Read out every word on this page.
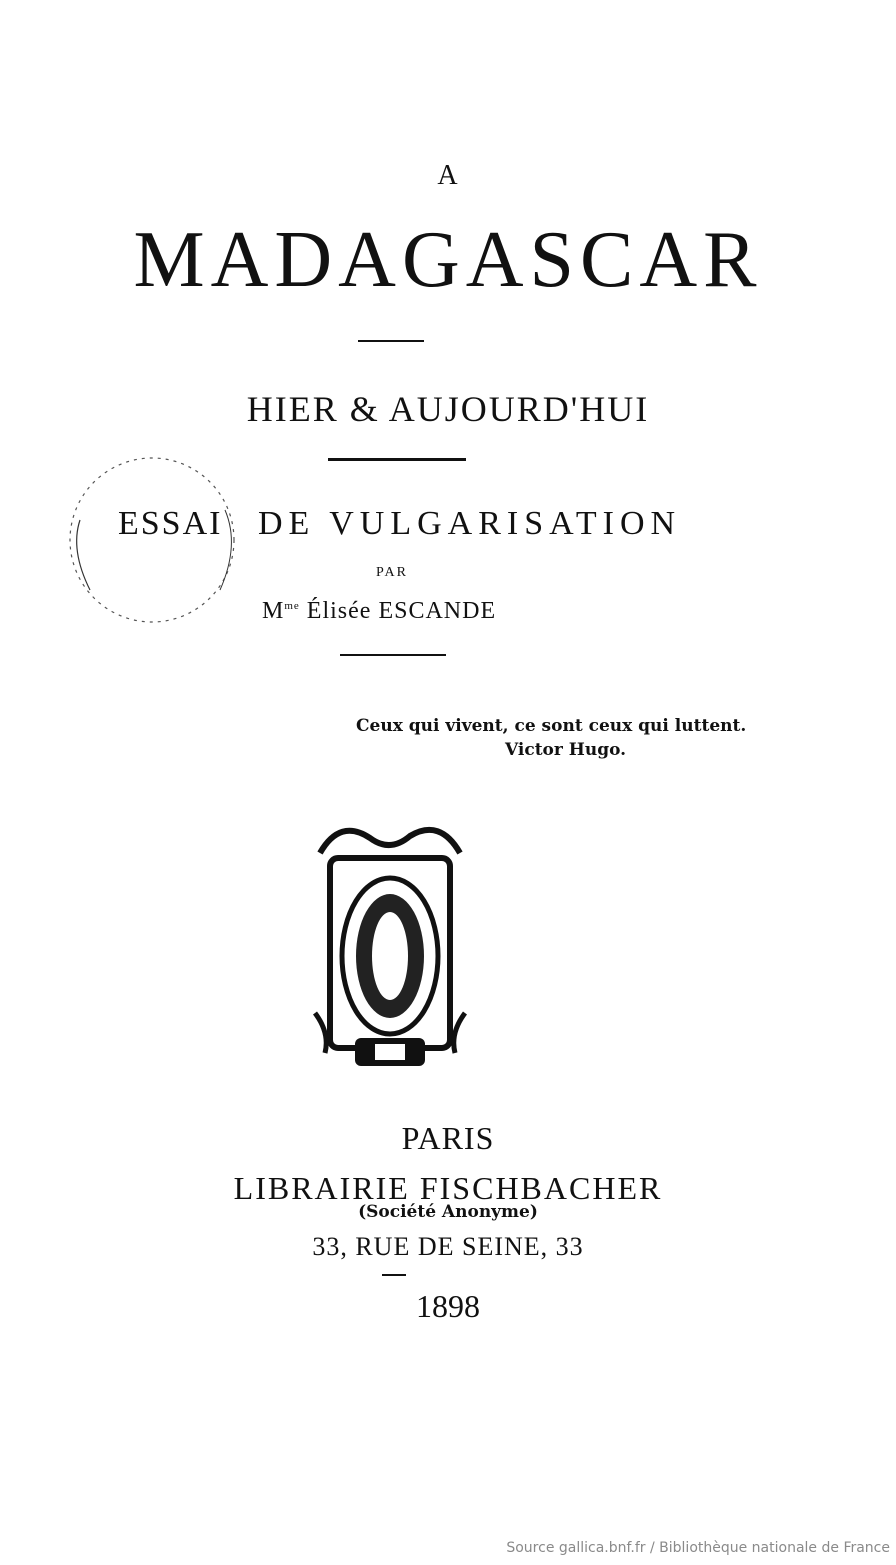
A
MADAGASCAR
HIER & AUJOURD'HUI
ESSAI DE VULGARISATION
PAR
$M^{me}$ Élisée ESCANDE
Ceux qui vivent, ce sont ceux qui luttent.
Victor Hugo.
PARIS
LIBRAIRIE FISCHBACHER
(Société Anonyme)
33, RUE DE SEINE, 33
1898
Source gallica.bnf.fr / Bibliothèque nationale de France
